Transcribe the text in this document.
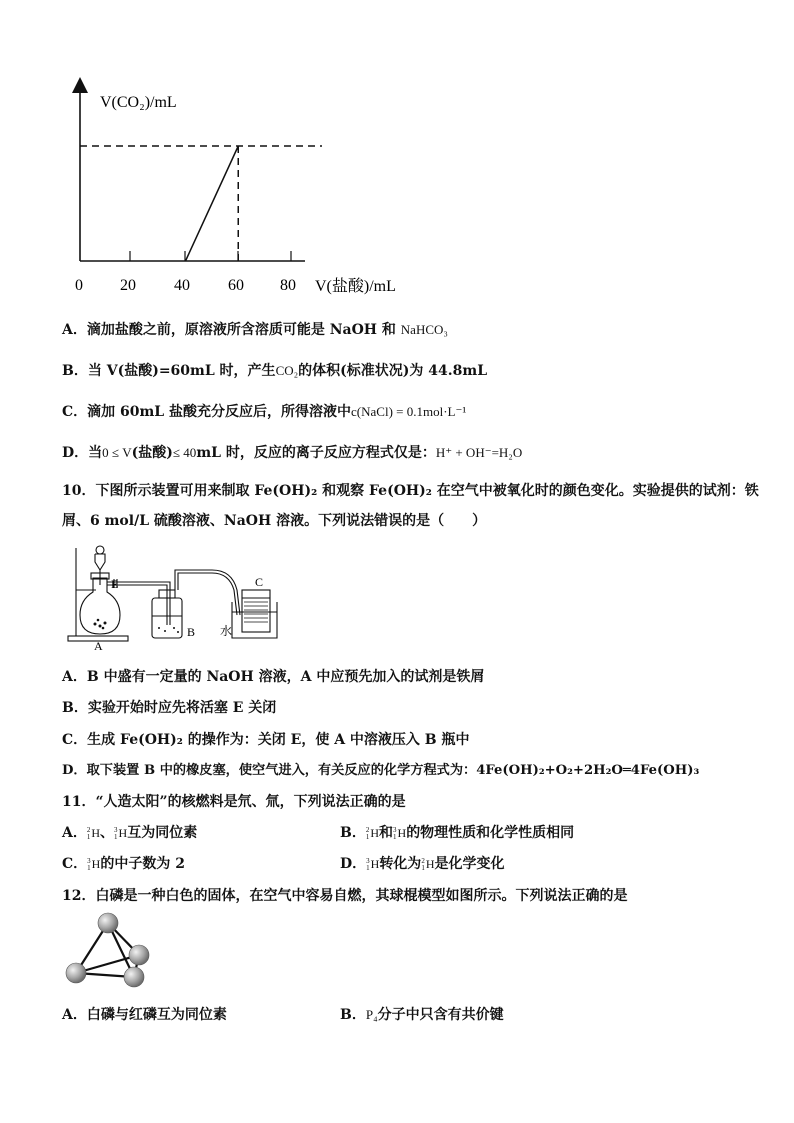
V(CO₂)/mL
0 20 40 60 80 V(盐酸)/mL
A．滴加盐酸之前，原溶液所含溶质可能是 NaOH 和 NaHCO₃
B．当 V(盐酸)=60mL 时，产生CO₂的体积(标准状况)为 44.8mL
C．滴加 60mL 盐酸充分反应后，所得溶液中c(NaCl) = 0.1mol·L⁻¹
D．当0 ≤ V(盐酸)≤ 40mL 时，反应的离子反应方程式仅是：H⁺ + OH⁻=H₂O
10．下图所示装置可用来制取 Fe(OH)₂ 和观察 Fe(OH)₂ 在空气中被氧化时的颜色变化。实验提供的试剂：铁
屑、6 mol/L 硫酸溶液、NaOH 溶液。下列说法错误的是（　　）
E
A
B
C
水
A．B 中盛有一定量的 NaOH 溶液，A 中应预先加入的试剂是铁屑
B．实验开始时应先将活塞 E 关闭
C．生成 Fe(OH)₂ 的操作为：关闭 E，使 A 中溶液压入 B 瓶中
D．取下装置 B 中的橡皮塞，使空气进入，有关反应的化学方程式为：4Fe(OH)₂+O₂+2H₂O═4Fe(OH)₃
11．“人造太阳”的核燃料是氘、氚，下列说法正确的是
A． 2
1 H、 3
1 H互为同位素	B． 2
1 H和 3
1 H的物理性质和化学性质相同
C． 3
1 H的中子数为 2	D． 3
1 H转化为 2
1 H是化学变化
12．白磷是一种白色的固体，在空气中容易自燃，其球棍模型如图所示。下列说法正确的是
A．白磷与红磷互为同位素	B．P₄分子中只含有共价键
